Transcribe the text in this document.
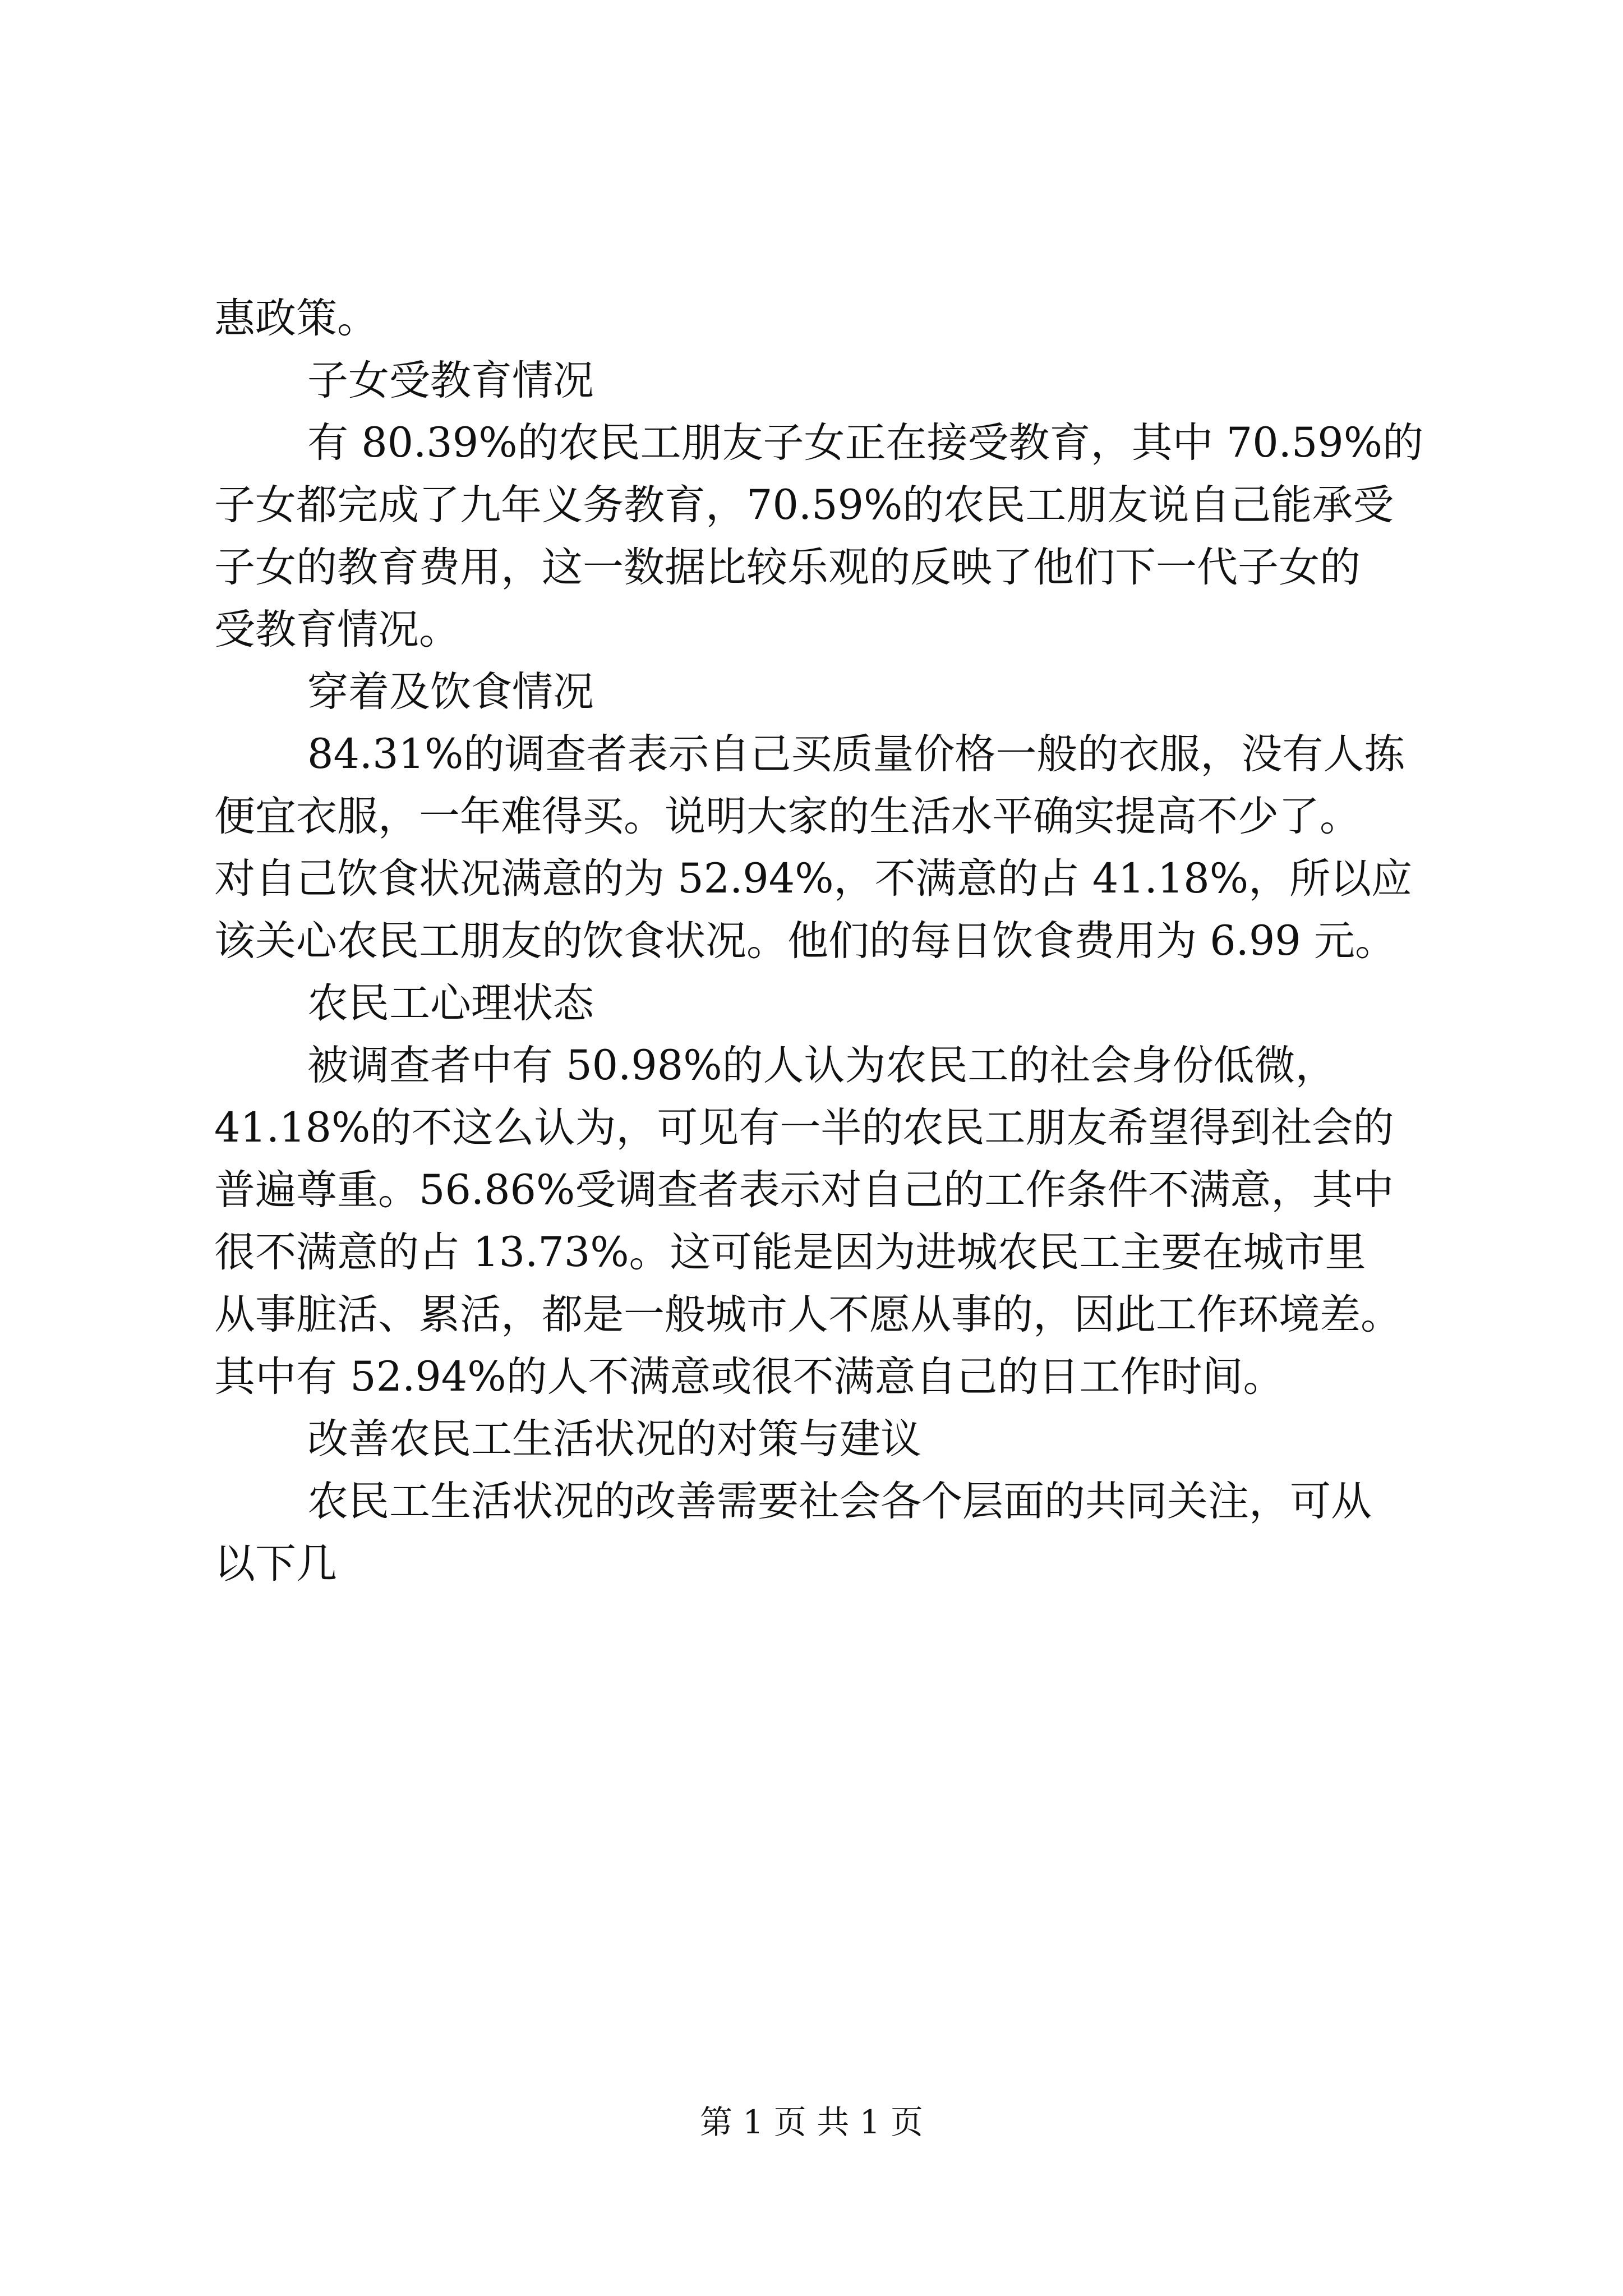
惠政策。
子女受教育情况
有 80.39%的农民工朋友子女正在接受教育，其中 70.59%的
子女都完成了九年义务教育，70.59%的农民工朋友说自己能承受
子女的教育费用，这一数据比较乐观的反映了他们下一代子女的
受教育情况。
穿着及饮食情况
84.31%的调查者表示自己买质量价格一般的衣服，没有人拣
便宜衣服，一年难得买。说明大家的生活水平确实提高不少了。
对自己饮食状况满意的为 52.94%，不满意的占 41.18%，所以应
该关心农民工朋友的饮食状况。他们的每日饮食费用为 6.99 元。
农民工心理状态
被调查者中有 50.98%的人认为农民工的社会身份低微，
41.18%的不这么认为，可见有一半的农民工朋友希望得到社会的
普遍尊重。56.86%受调查者表示对自己的工作条件不满意，其中
很不满意的占 13.73%。这可能是因为进城农民工主要在城市里
从事脏活、累活，都是一般城市人不愿从事的，因此工作环境差。
其中有 52.94%的人不满意或很不满意自己的日工作时间。
改善农民工生活状况的对策与建议
农民工生活状况的改善需要社会各个层面的共同关注，可从
以下几
第 1 页 共 1 页
